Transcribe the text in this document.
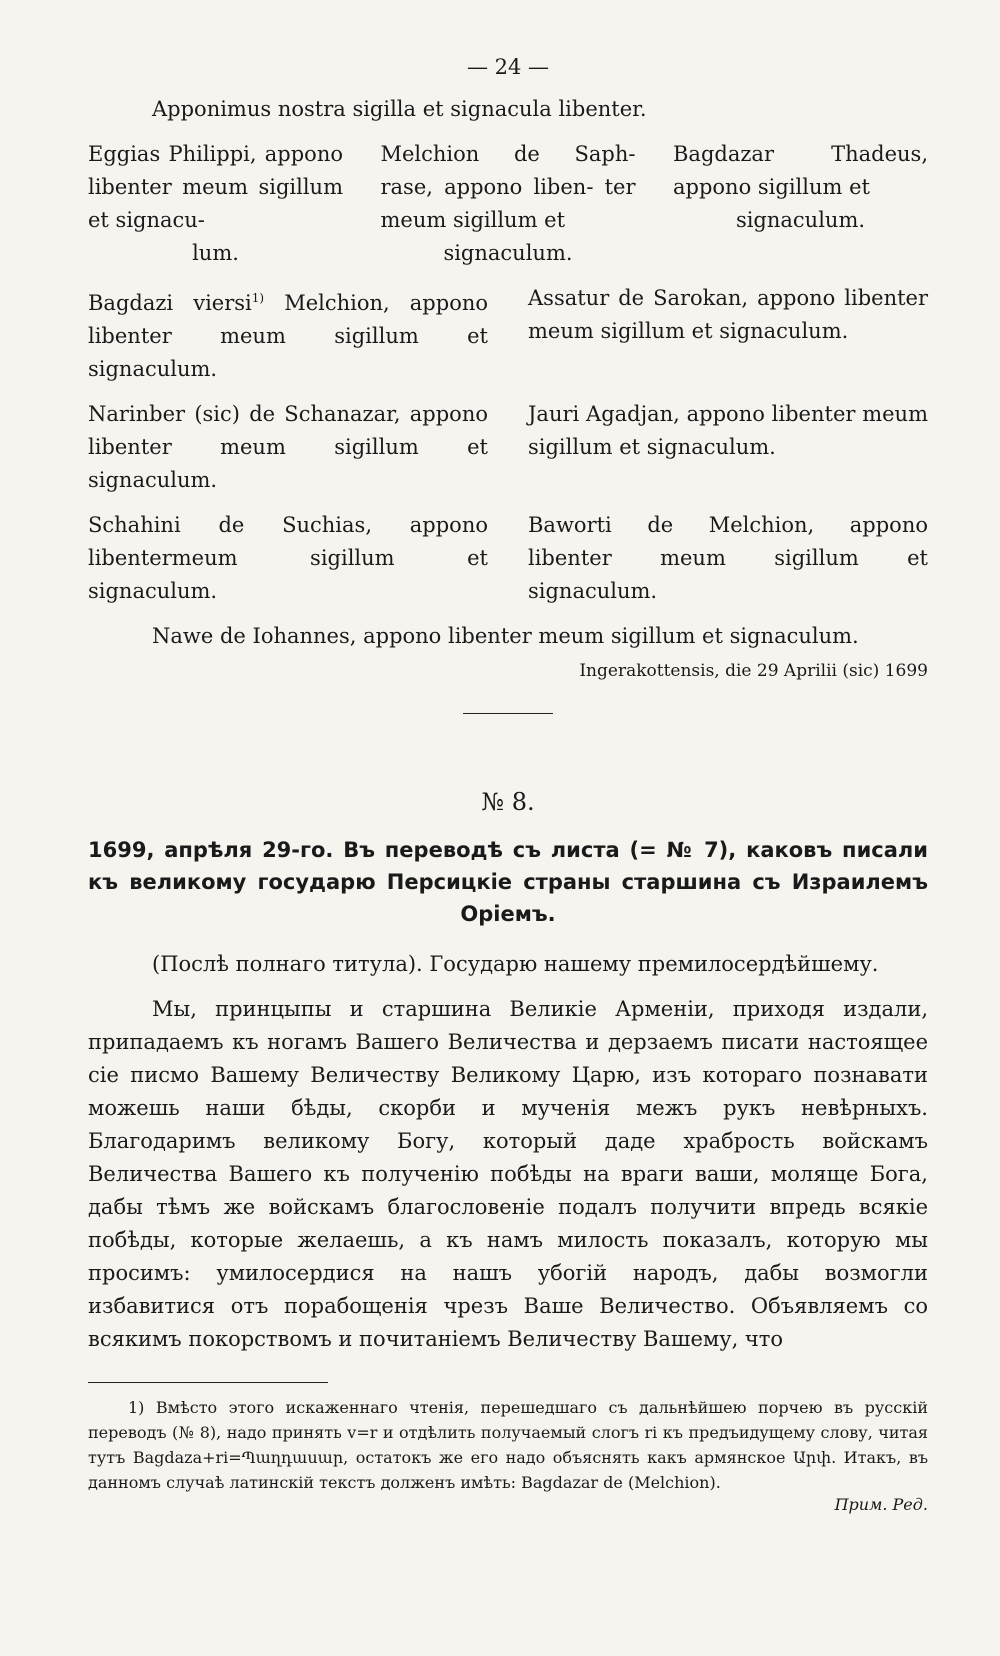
— 24 —

Apponimus nostra sigilla et signacula libenter.

Eggias Philippi, appono libenter meum sigillum et signacu-
lum.
Melchion de Saph- rase, appono liben- ter meum sigillum et
signaculum.
Bagdazar Thadeus, appono sigillum et
signaculum.
Bagdazi viersi$^{1)}$ Melchion, appono libenter meum sigillum et signaculum.
Assatur de Sarokan, appono libenter meum sigillum et signaculum.
Narinber (sic) de Schanazar, appono libenter meum sigillum et signaculum.
Jauri Agadjan, appono libenter meum sigillum et signaculum.
Schahini de Suchias, appono libentermeum sigillum et signaculum.
Baworti de Melchion, appono libenter meum sigillum et signaculum.

Nawe de Iohannes, appono libenter meum sigillum et signaculum.

Ingerakottensis, die 29 Aprilii (sic) 1699
№ 8.
1699, апрѣля 29-го. Въ переводѣ съ листа (= № 7), каковъ писали къ великому государю Персицкіе страны старшина съ Израилемъ Оріемъ.

(Послѣ полнаго титула). Государю нашему премилосердѣйшему.

Мы, принцыпы и старшина Великіе Арменіи, приходя издали, припадаемъ къ ногамъ Вашего Величества и дерзаемъ писати настоящее сіе писмо Вашему Величеству Великому Царю, изъ котораго познавати можешь наши бѣды, скорби и мученія межъ рукъ невѣрныхъ. Благодаримъ великому Богу, который даде храбрость войскамъ Величества Вашего къ полученію побѣды на враги ваши, моляще Бога, дабы тѣмъ же войскамъ благословеніе подалъ получити впредь всякіе побѣды, которые желаешь, а къ намъ милость показалъ, которую мы просимъ: умилосердися на нашъ убогій народъ, дабы возмогли избавитися отъ порабощенія чрезъ Ваше Величество. Объявляемъ со всякимъ покорствомъ и почитаніемъ Величеству Вашему, что

1) Вмѣсто этого искаженнаго чтенія, перешедшаго съ дальнѣйшею порчею въ русскій переводъ (№ 8), надо принять v=r и отдѣлить получаемый слогъ ri къ предъидущему слову, читая тутъ Bagdaza+ri=Պաղդասար, остатокъ же его надо объяснять какъ армянское Արփ. Итакъ, въ данномъ случаѣ латинскій текстъ долженъ имѣть: Bagdazar de (Melchion).
Прим. Ред.
